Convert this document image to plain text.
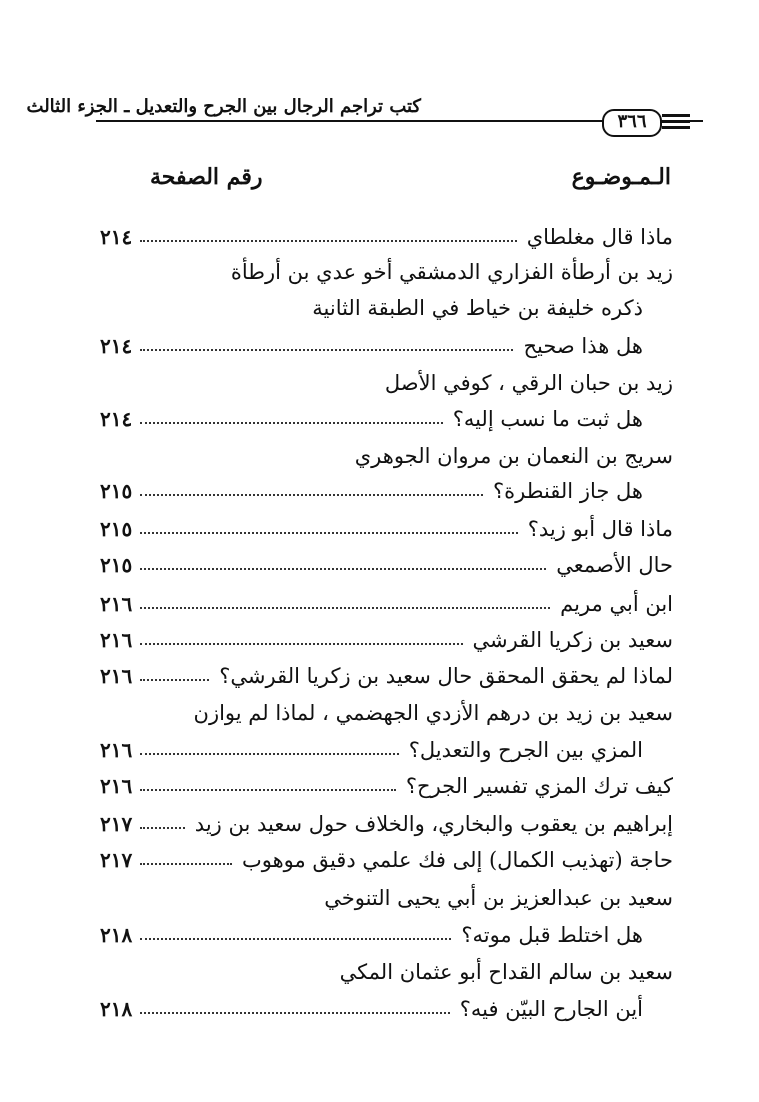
كتب تراجم الرجال بين الجرح والتعديل ـ الجزء الثالث
٣٦٦
الـمـوضـوع
رقم الصفحة
ماذا قال مغلطاي
٢١٤
زيد بن أرطأة الفزاري الدمشقي أخو عدي بن أرطأة
ذكره خليفة بن خياط في الطبقة الثانية
هل هذا صحيح
٢١٤
زيد بن حبان الرقي ، كوفي الأصل
هل ثبت ما نسب إليه؟
٢١٤
سريج بن النعمان بن مروان الجوهري
هل جاز القنطرة؟
٢١٥
ماذا قال أبو زيد؟
٢١٥
حال الأصمعي
٢١٥
ابن أبي مريم
٢١٦
سعيد بن زكريا القرشي
٢١٦
لماذا لم يحقق المحقق حال سعيد بن زكريا القرشي؟
٢١٦
سعيد بن زيد بن درهم الأزدي الجهضمي ، لماذا لم يوازن
المزي بين الجرح والتعديل؟
٢١٦
كيف ترك المزي تفسير الجرح؟
٢١٦
إبراهيم بن يعقوب والبخاري، والخلاف حول سعيد بن زيد
٢١٧
حاجة (تهذيب الكمال) إلى فك علمي دقيق موهوب
٢١٧
سعيد بن عبدالعزيز بن أبي يحيى التنوخي
هل اختلط قبل موته؟
٢١٨
سعيد بن سالم القداح أبو عثمان المكي
أين الجارح البيّن فيه؟
٢١٨
